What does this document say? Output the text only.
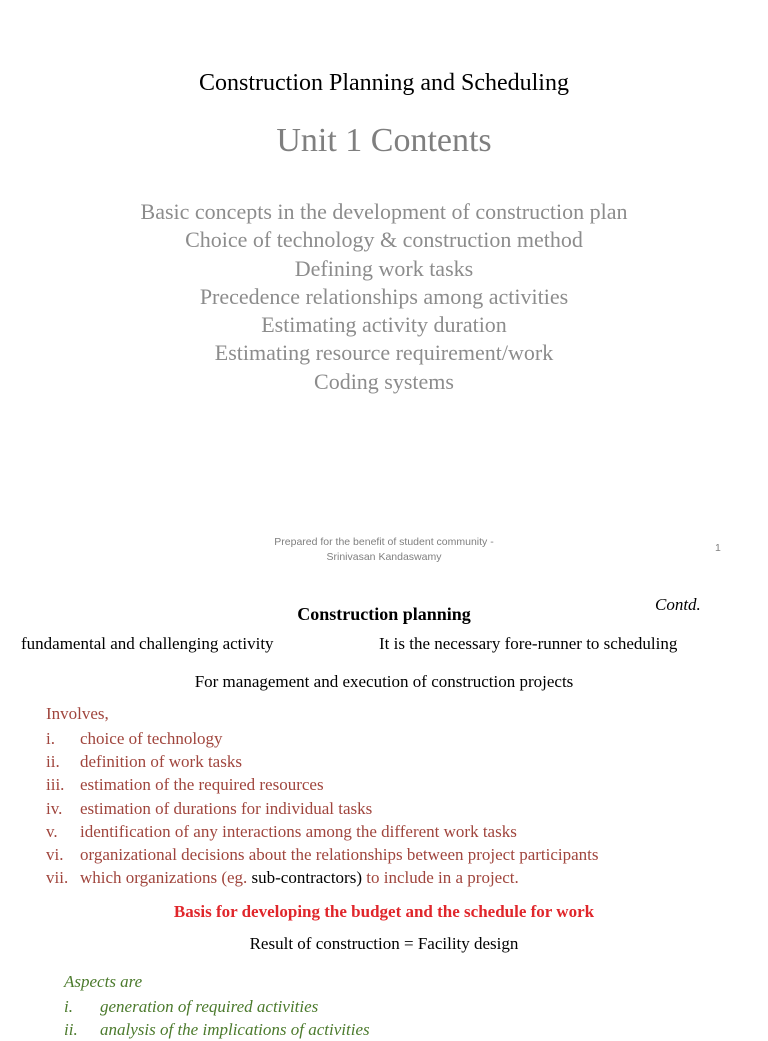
Construction Planning and Scheduling
Unit 1 Contents
Basic concepts in the development of construction plan
Choice of technology & construction method
Defining work tasks
Precedence relationships among activities
Estimating activity duration
Estimating resource requirement/work
Coding systems
Prepared for the benefit of student community -
Srinivasan Kandaswamy
1
Contd.
Construction planning
fundamental and challenging activity	It is the necessary fore-runner to scheduling
For management and execution of construction projects
Involves,
i. choice of technology
ii. definition of work tasks
iii. estimation of the required resources
iv. estimation of durations for individual tasks
v. identification of any interactions among the different work tasks
vi. organizational decisions about the relationships between project participants
vii. which organizations (eg. sub-contractors) to include in a project.
Basis for developing the budget and the schedule for work
Result of construction = Facility design
Aspects are
i. generation of required activities
ii. analysis of the implications of activities
